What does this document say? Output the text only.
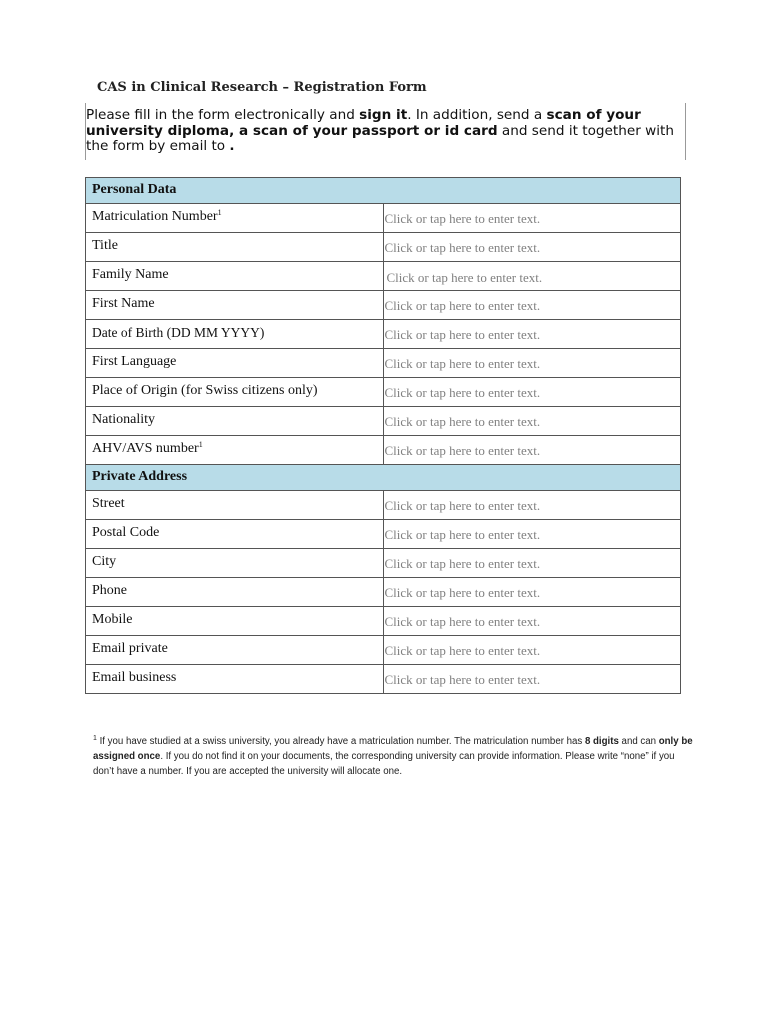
CAS in Clinical Research – Registration Form
Please fill in the form electronically and sign it. In addition, send a scan of your university diploma, a scan of your passport or id card and send it together with the form by email to .
Personal Data	
Matriculation Number$^1$	Click or tap here to enter text.
Title	Click or tap here to enter text.
Family Name	Click or tap here to enter text.
First Name	Click or tap here to enter text.
Date of Birth (DD MM YYYY)	Click or tap here to enter text.
First Language	Click or tap here to enter text.
Place of Origin (for Swiss citizens only)	Click or tap here to enter text.
Nationality	Click or tap here to enter text.
AHV/AVS number$^1$	Click or tap here to enter text.
Private Address	
Street	Click or tap here to enter text.
Postal Code	Click or tap here to enter text.
City	Click or tap here to enter text.
Phone	Click or tap here to enter text.
Mobile	Click or tap here to enter text.
Email private	Click or tap here to enter text.
Email business	Click or tap here to enter text.
$^1$ If you have studied at a swiss university, you already have a matriculation number. The matriculation number has 8 digits and can only be assigned once. If you do not find it on your documents, the corresponding university can provide information. Please write “none” if you don’t have a number. If you are accepted the university will allocate one.
